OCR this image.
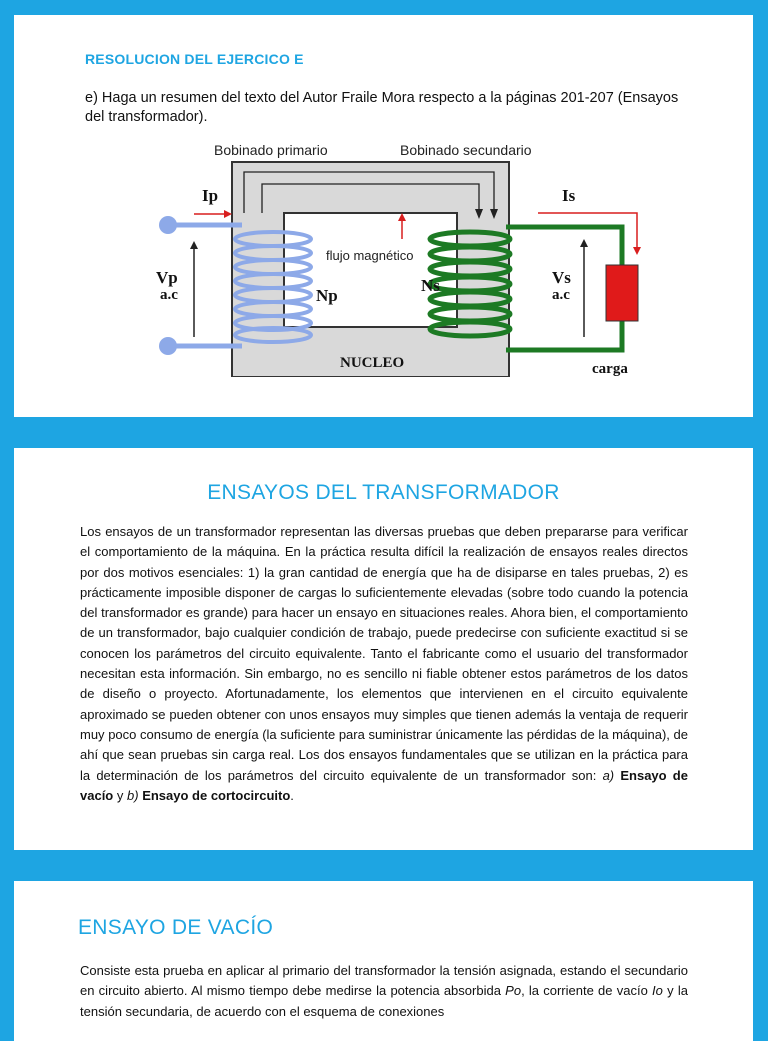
RESOLUCION DEL EJERCICO E
e) Haga un resumen del texto del Autor Fraile Mora respecto a la páginas 201-207 (Ensayos del transformador).
Bobinado primario	Bobinado secundario
Ip	Is
flujo magnético
Vp
a.c	Np
Ns	Vs
a.c
NUCLEO	carga
ENSAYOS DEL TRANSFORMADOR
Los ensayos de un transformador representan las diversas pruebas que deben prepararse para verificar el comportamiento de la máquina. En la práctica resulta difícil la realización de ensayos reales directos por dos motivos esenciales: 1) la gran cantidad de energía que ha de disiparse en tales pruebas, 2) es prácticamente imposible disponer de cargas lo suficientemente elevadas (sobre todo cuando la potencia del transformador es grande) para hacer un ensayo en situaciones reales. Ahora bien, el comportamiento de un transformador, bajo cualquier condición de trabajo, puede predecirse con suficiente exactitud si se conocen los parámetros del circuito equivalente. Tanto el fabricante como el usuario del transformador necesitan esta información. Sin embargo, no es sencillo ni fiable obtener estos parámetros de los datos de diseño o proyecto. Afortunadamente, los elementos que intervienen en el circuito equivalente aproximado se pueden obtener con unos ensayos muy simples que tienen además la ventaja de requerir muy poco consumo de energía (la suficiente para suministrar únicamente las pérdidas de la máquina), de ahí que sean pruebas sin carga real. Los dos ensayos fundamentales que se utilizan en la práctica para la determinación de los parámetros del circuito equivalente de un transformador son: a) Ensayo de vacío y b) Ensayo de cortocircuito.
ENSAYO DE VACÍO
Consiste esta prueba en aplicar al primario del transformador la tensión asignada, estando el secundario en circuito abierto. Al mismo tiempo debe medirse la potencia absorbida Po, la corriente de vacío Io y la tensión secundaria, de acuerdo con el esquema de conexiones
